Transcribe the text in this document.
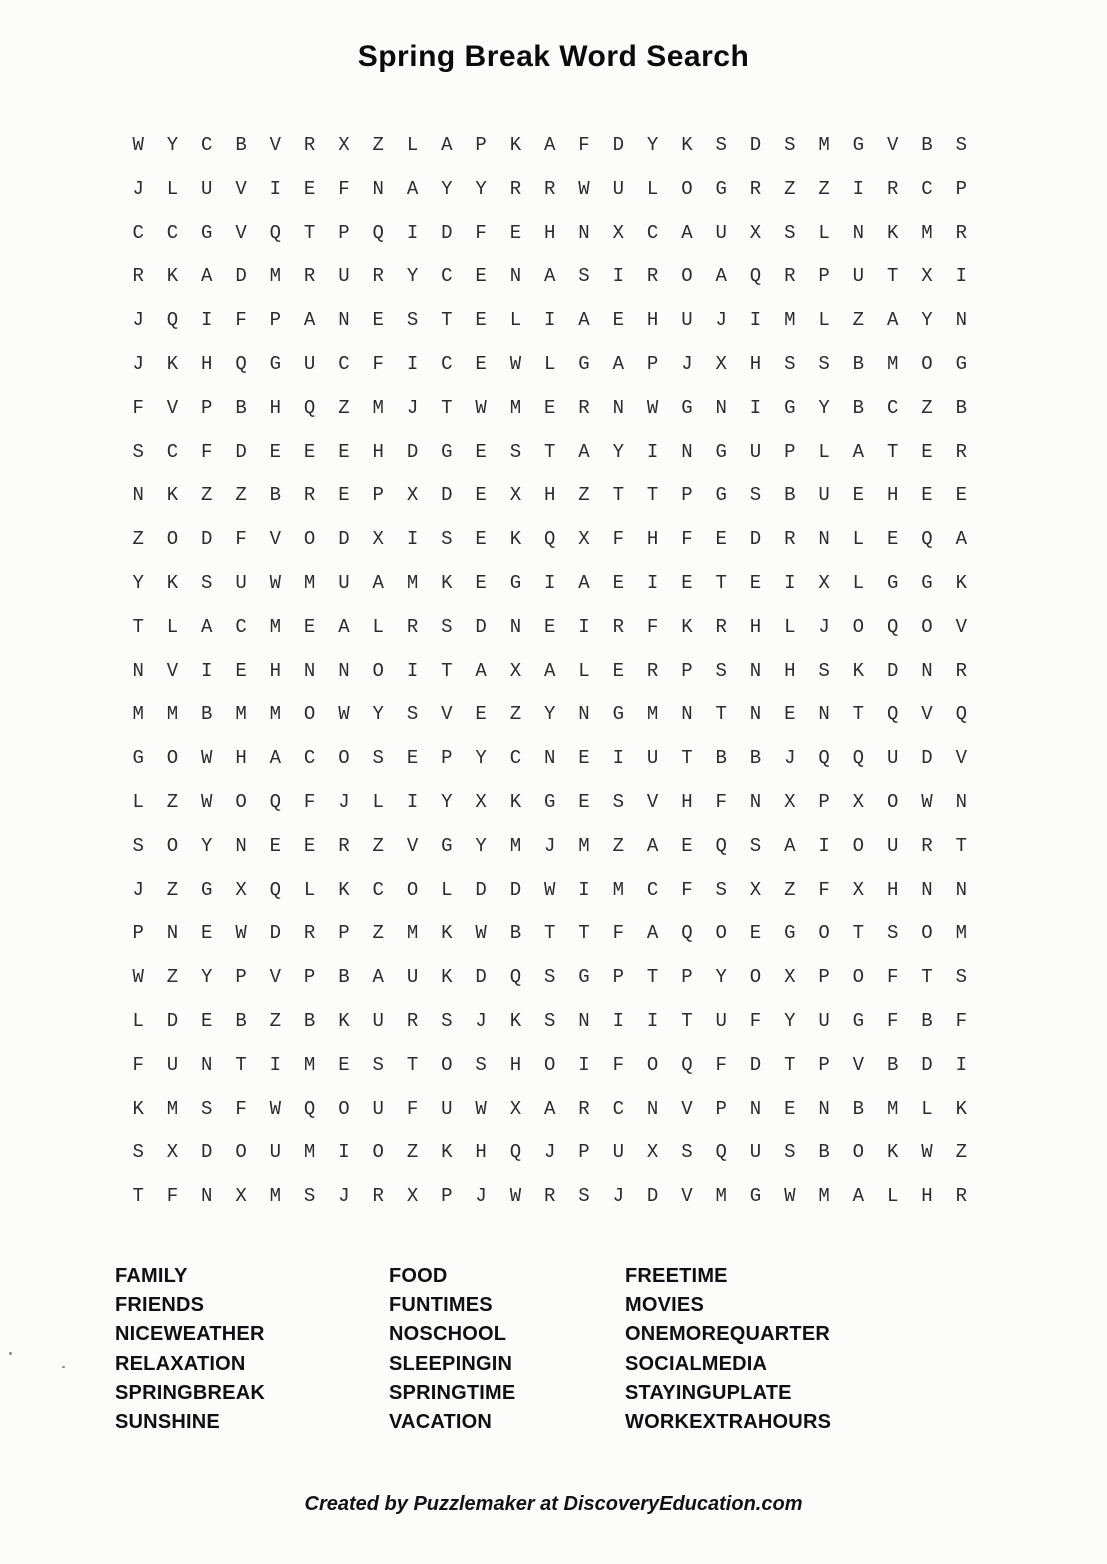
Spring Break Word Search
W	Y	C	B	V	R	X	Z	L	A	P	K	A	F	D	Y	K	S	D	S	M	G	V	B	S
J	L	U	V	I	E	F	N	A	Y	Y	R	R	W	U	L	O	G	R	Z	Z	I	R	C	P
C	C	G	V	Q	T	P	Q	I	D	F	E	H	N	X	C	A	U	X	S	L	N	K	M	R
R	K	A	D	M	R	U	R	Y	C	E	N	A	S	I	R	O	A	Q	R	P	U	T	X	I
J	Q	I	F	P	A	N	E	S	T	E	L	I	A	E	H	U	J	I	M	L	Z	A	Y	N
J	K	H	Q	G	U	C	F	I	C	E	W	L	G	A	P	J	X	H	S	S	B	M	O	G
F	V	P	B	H	Q	Z	M	J	T	W	M	E	R	N	W	G	N	I	G	Y	B	C	Z	B
S	C	F	D	E	E	E	H	D	G	E	S	T	A	Y	I	N	G	U	P	L	A	T	E	R
N	K	Z	Z	B	R	E	P	X	D	E	X	H	Z	T	T	P	G	S	B	U	E	H	E	E
Z	O	D	F	V	O	D	X	I	S	E	K	Q	X	F	H	F	E	D	R	N	L	E	Q	A
Y	K	S	U	W	M	U	A	M	K	E	G	I	A	E	I	E	T	E	I	X	L	G	G	K
T	L	A	C	M	E	A	L	R	S	D	N	E	I	R	F	K	R	H	L	J	O	Q	O	V
N	V	I	E	H	N	N	O	I	T	A	X	A	L	E	R	P	S	N	H	S	K	D	N	R
M	M	B	M	M	O	W	Y	S	V	E	Z	Y	N	G	M	N	T	N	E	N	T	Q	V	Q
G	O	W	H	A	C	O	S	E	P	Y	C	N	E	I	U	T	B	B	J	Q	Q	U	D	V
L	Z	W	O	Q	F	J	L	I	Y	X	K	G	E	S	V	H	F	N	X	P	X	O	W	N
S	O	Y	N	E	E	R	Z	V	G	Y	M	J	M	Z	A	E	Q	S	A	I	O	U	R	T
J	Z	G	X	Q	L	K	C	O	L	D	D	W	I	M	C	F	S	X	Z	F	X	H	N	N
P	N	E	W	D	R	P	Z	M	K	W	B	T	T	F	A	Q	O	E	G	O	T	S	O	M
W	Z	Y	P	V	P	B	A	U	K	D	Q	S	G	P	T	P	Y	O	X	P	O	F	T	S
L	D	E	B	Z	B	K	U	R	S	J	K	S	N	I	I	T	U	F	Y	U	G	F	B	F
F	U	N	T	I	M	E	S	T	O	S	H	O	I	F	O	Q	F	D	T	P	V	B	D	I
K	M	S	F	W	Q	O	U	F	U	W	X	A	R	C	N	V	P	N	E	N	B	M	L	K
S	X	D	O	U	M	I	O	Z	K	H	Q	J	P	U	X	S	Q	U	S	B	O	K	W	Z
T	F	N	X	M	S	J	R	X	P	J	W	R	S	J	D	V	M	G	W	M	A	L	H	R
FAMILY
FRIENDS
NICEWEATHER
RELAXATION
SPRINGBREAK
SUNSHINE
FOOD
FUNTIMES
NOSCHOOL
SLEEPINGIN
SPRINGTIME
VACATION
FREETIME
MOVIES
ONEMOREQUARTER
SOCIALMEDIA
STAYINGUPLATE
WORKEXTRAHOURS
Created by Puzzlemaker at DiscoveryEducation.com
